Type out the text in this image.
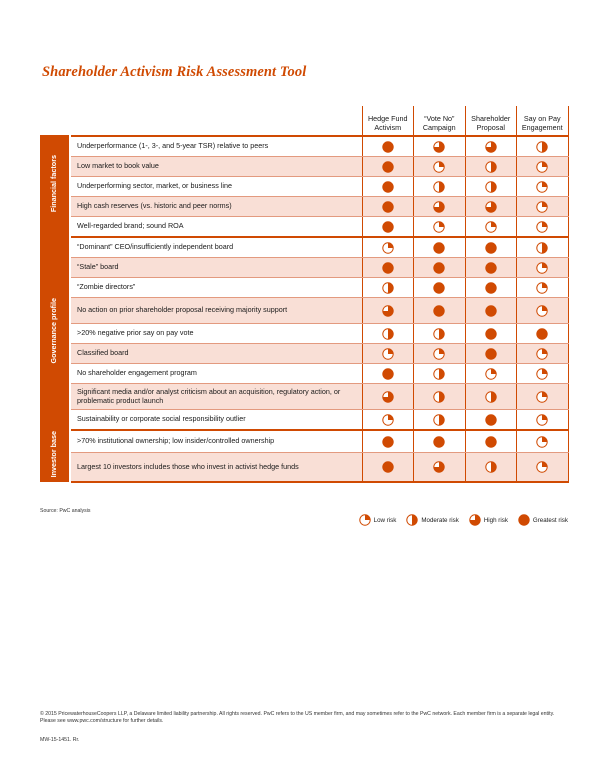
Shareholder Activism Risk Assessment Tool
		Hedge Fund Activism	“Vote No” Campaign	Shareholder Proposal	Say on Pay Engagement
Financial factors	Underperformance (1-, 3-, and 5-year TSR) relative to peers	

	Low market to book value	

	Underperforming sector, market, or business line	

	High cash reserves (vs. historic and peer norms)	

	Well-regarded brand; sound ROA	

Governance profile	“Dominant” CEO/insufficiently independent board	

	“Stale” board	

	“Zombie directors”	

	No action on prior shareholder proposal receiving majority support	

	>20% negative prior say on pay vote	

	Classified board	

	No shareholder engagement program	

	Significant media and/or analyst criticism about an acquisition, regulatory action, or problematic product launch	

	Sustainability or corporate social responsibility outlier	

Investor base	>70% institutional ownership; low insider/controlled ownership	

	Largest 10 investors includes those who invest in activist hedge funds	

Source: PwC analysis
Low risk	Moderate risk	High risk	Greatest risk
© 2015 PricewaterhouseCoopers LLP, a Delaware limited liability partnership. All rights reserved. PwC refers to the US member firm, and may sometimes refer to the PwC network. Each member firm is a separate legal entity. Please see www.pwc.com/structure for further details.
MW-15-1451. Rr.
